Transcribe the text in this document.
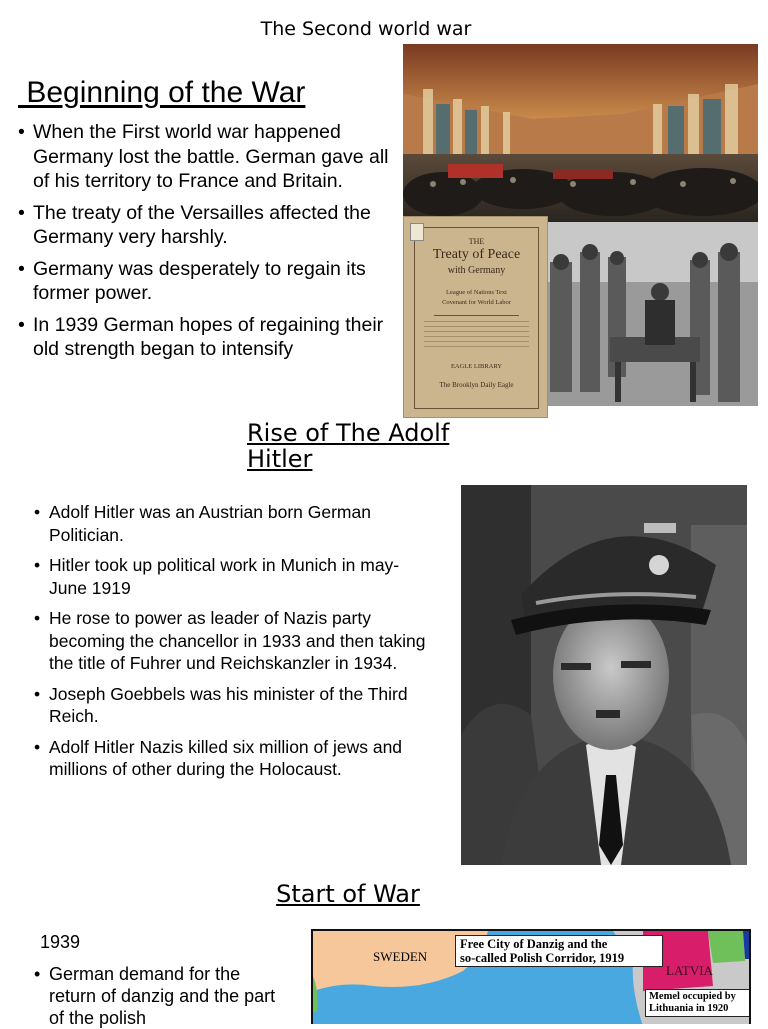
The Second world war
Beginning of the War
• When the First world war happened Germany lost the battle. German gave all of his territory to France and Britain.
• The treaty of the Versailles affected the Germany very harshly.
• Germany was desperately to regain its former power.
• In 1939 German hopes of regaining their old strength began to intensify
THE
Treaty of Peace
with Germany
League of Nations Text
Covenant for World Labor
EAGLE LIBRARY
The Brooklyn Daily Eagle
Rise of The Adolf
Hitler
• Adolf Hitler was an Austrian born German Politician.
• Hitler took up political work in Munich in may-June 1919
• He rose to power as leader of Nazis party becoming the chancellor in 1933 and then taking the title of Fuhrer und Reichskanzler in 1934.
• Joseph Goebbels was his minister of the Third Reich.
• Adolf Hitler Nazis killed six million of jews and millions of other during the Holocaust.
Start of War
1939
• German demand for the return of danzig and the part of the polish
SWEDEN
Free City of Danzig and the
so-called Polish Corridor, 1919
LATVIA
Memel occupied by
Lithuania in 1920
